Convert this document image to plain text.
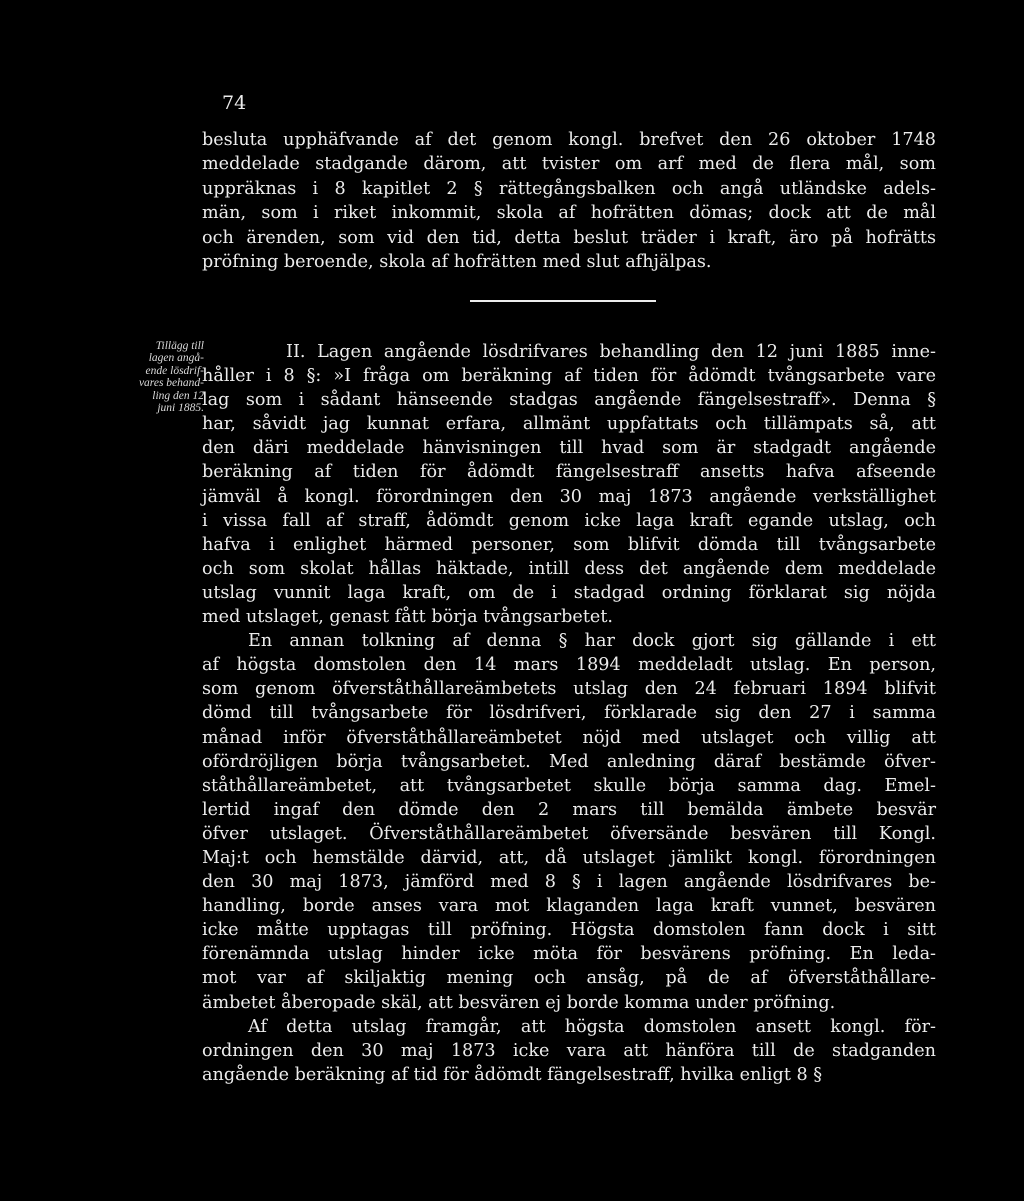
74
besluta upphäfvande af det genom kongl. brefvet den 26 oktober 1748
meddelade stadgande därom, att tvister om arf med de flera mål, som
uppräknas i 8 kapitlet 2 § rättegångsbalken och angå utländske adels-
män, som i riket inkommit, skola af hofrätten dömas; dock att de mål
och ärenden, som vid den tid, detta beslut träder i kraft, äro på hofrätts
pröfning beroende, skola af hofrätten med slut afhjälpas.
Tillägg till
lagen angå-
ende lösdrif-
vares behand-
ling den 12
juni 1885.
II. Lagen angående lösdrifvares behandling den 12 juni 1885 inne-
håller i 8 §: »I fråga om beräkning af tiden för ådömdt tvångsarbete vare
lag som i sådant hänseende stadgas angående fängelsestraff». Denna §
har, såvidt jag kunnat erfara, allmänt uppfattats och tillämpats så, att
den däri meddelade hänvisningen till hvad som är stadgadt angående
beräkning af tiden för ådömdt fängelsestraff ansetts hafva afseende
jämväl å kongl. förordningen den 30 maj 1873 angående verkställighet
i vissa fall af straff, ådömdt genom icke laga kraft egande utslag, och
hafva i enlighet härmed personer, som blifvit dömda till tvångsarbete
och som skolat hållas häktade, intill dess det angående dem meddelade
utslag vunnit laga kraft, om de i stadgad ordning förklarat sig nöjda
med utslaget, genast fått börja tvångsarbetet.
En annan tolkning af denna § har dock gjort sig gällande i ett
af högsta domstolen den 14 mars 1894 meddeladt utslag. En person,
som genom öfverståthållareämbetets utslag den 24 februari 1894 blifvit
dömd till tvångsarbete för lösdrifveri, förklarade sig den 27 i samma
månad inför öfverståthållareämbetet nöjd med utslaget och villig att
ofördröjligen börja tvångsarbetet. Med anledning däraf bestämde öfver-
ståthållareämbetet, att tvångsarbetet skulle börja samma dag. Emel-
lertid ingaf den dömde den 2 mars till bemälda ämbete besvär
öfver utslaget. Öfverståthållareämbetet öfversände besvären till Kongl.
Maj:t och hemstälde därvid, att, då utslaget jämlikt kongl. förordningen
den 30 maj 1873, jämförd med 8 § i lagen angående lösdrifvares be-
handling, borde anses vara mot klaganden laga kraft vunnet, besvären
icke måtte upptagas till pröfning. Högsta domstolen fann dock i sitt
förenämnda utslag hinder icke möta för besvärens pröfning. En leda-
mot var af skiljaktig mening och ansåg, på de af öfverståthållare-
ämbetet åberopade skäl, att besvären ej borde komma under pröfning.
Af detta utslag framgår, att högsta domstolen ansett kongl. för-
ordningen den 30 maj 1873 icke vara att hänföra till de stadganden
angående beräkning af tid för ådömdt fängelsestraff, hvilka enligt 8 §
